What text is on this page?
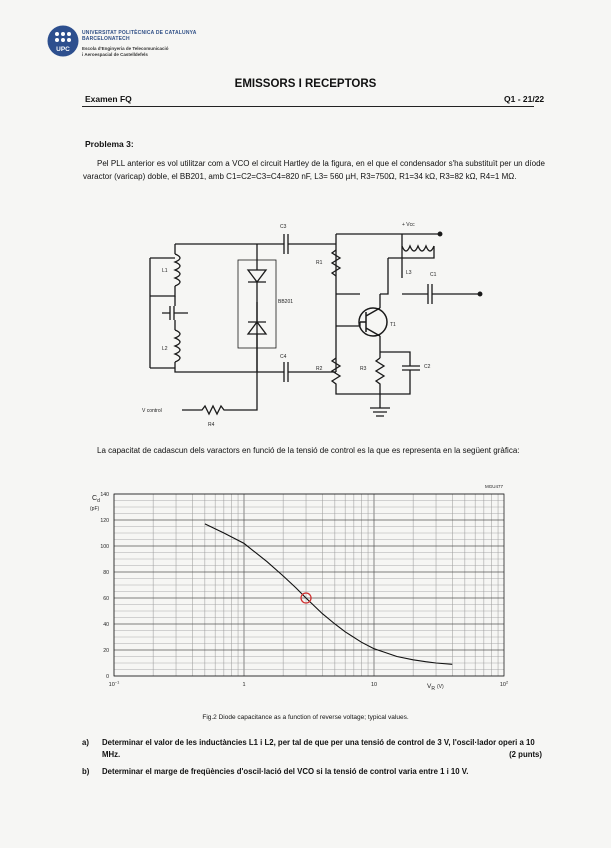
UPC
UNIVERSITAT POLITÈCNICA DE CATALUNYA
BARCELONATECH
Escola d'Enginyeria de Telecomunicació
i Aeroespacial de Castelldefels
EMISSORS I RECEPTORS
Examen FQ	Q1 - 21/22
Problema 3:
Pel PLL anterior es vol utilitzar com a VCO el circuit Hartley de la figura, en el que el condensador s'ha substituït per un díode varactor (varicap) doble, el BB201, amb C1=C2=C3=C4=820 nF, L3= 560 µH, R3=750Ω, R1=34 kΩ, R3=82 kΩ, R4=1 MΩ.
+ Vcc
C3
C4
C1
C2
L1
L2
L3
R1
R2	R3
R4
T1
BB201
V control
La capacitat de cadascun dels varactors en funció de la tensió de control es la que es representa en la següent gràfica:
0
20
40
60
80
100
120
140
$10^{-1}$	1	10	$10^2$
$C_d$
(pF)
$V_R$ $^{(V)}$
MGU477
Fig.2 Diode capacitance as a function of reverse voltage; typical values.
a) Determinar el valor de les inductàncies L1 i L2, per tal de que per una tensió de control de 3 V, l'oscil·lador operi a 10 MHz.	(2 punts)
b) Determinar el marge de freqüències d'oscil·lació del VCO si la tensió de control varia entre 1 i 10 V.
